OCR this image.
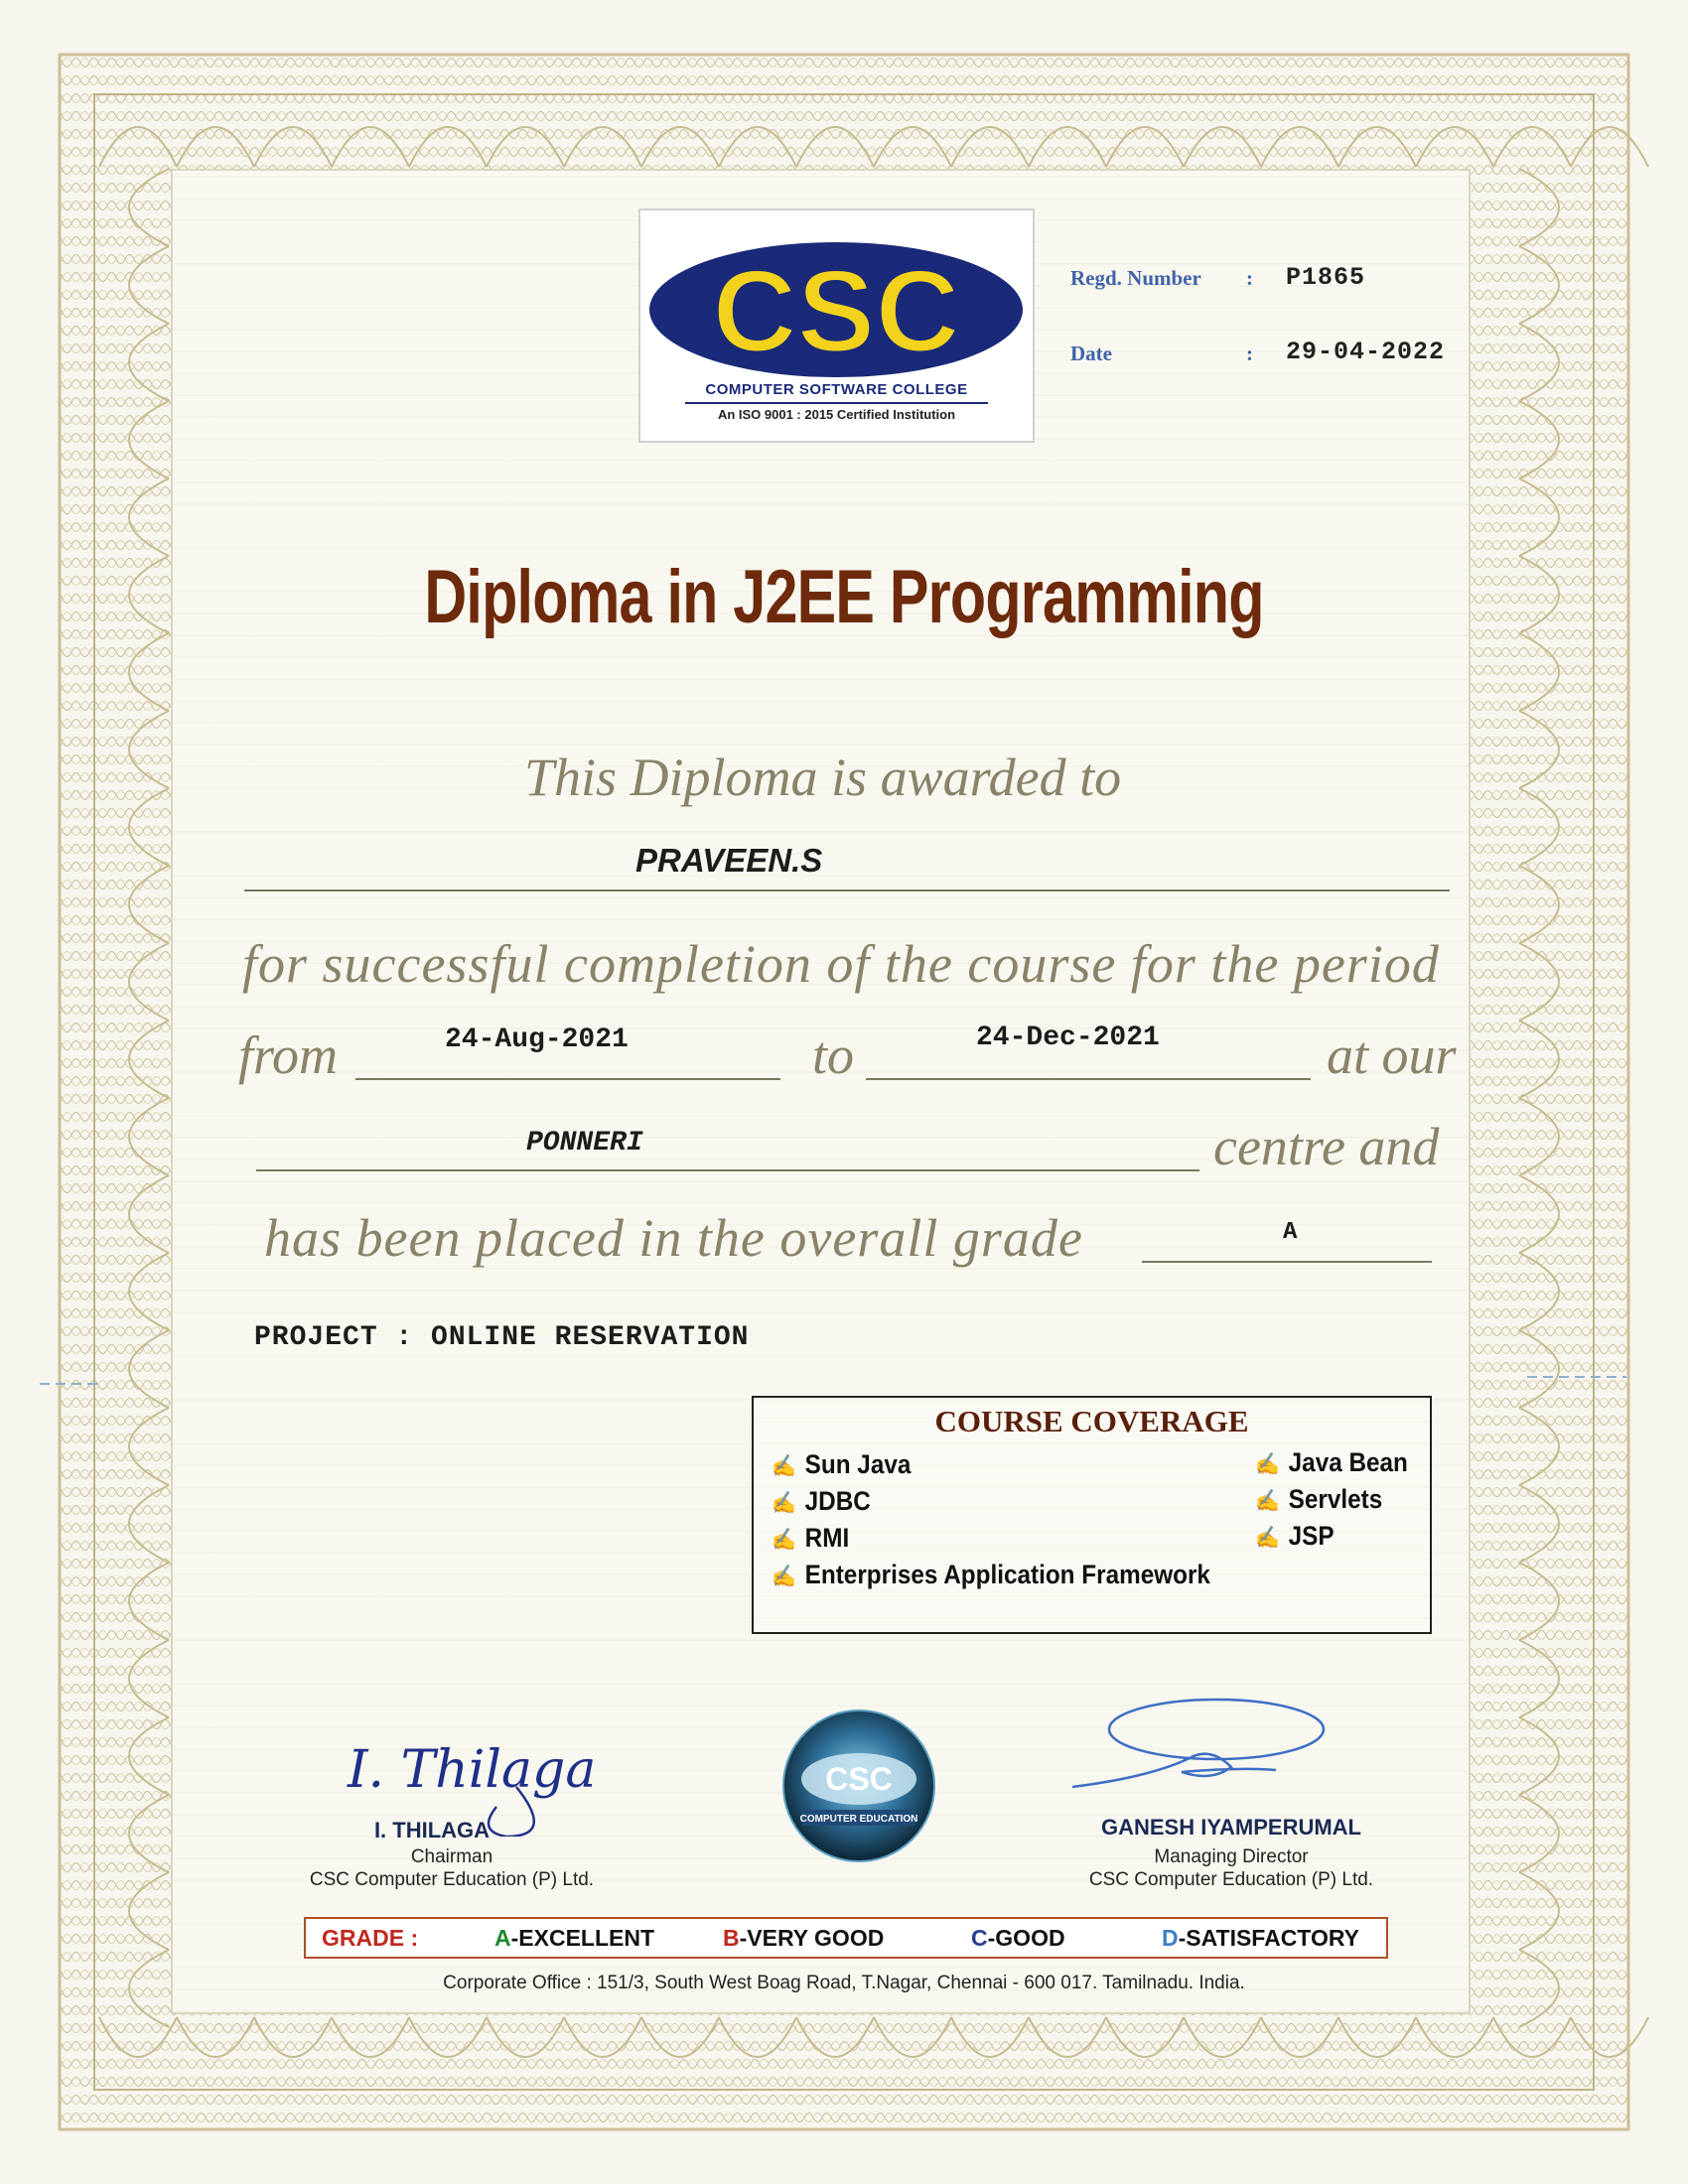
CSC
COMPUTER SOFTWARE COLLEGE
An ISO 9001 : 2015 Certified Institution
Regd. Number : P1865
Date	: 29-04-2022
Diploma in J2EE Programming
This Diploma is awarded to
PRAVEEN.S
for successful completion of the course for the period
from	24-Aug-2021	to	24-Dec-2021	at our
PONNERI	centre and
has been placed in the overall grade	A
PROJECT : ONLINE RESERVATION
COURSE COVERAGE
✍ Sun Java
✍ JDBC
✍ RMI
✍ Enterprises Application Framework
✍ Java Bean
✍ Servlets
✍ JSP
I. Thilaga
I. THILAGA
Chairman
CSC Computer Education (P) Ltd.
CSC
COMPUTER EDUCATION	GANESH IYAMPERUMAL
Managing Director
CSC Computer Education (P) Ltd.
GRADE :	A-EXCELLENT	B-VERY GOOD	C-GOOD	D-SATISFACTORY
Corporate Office : 151/3, South West Boag Road, T.Nagar, Chennai - 600 017. Tamilnadu. India.
